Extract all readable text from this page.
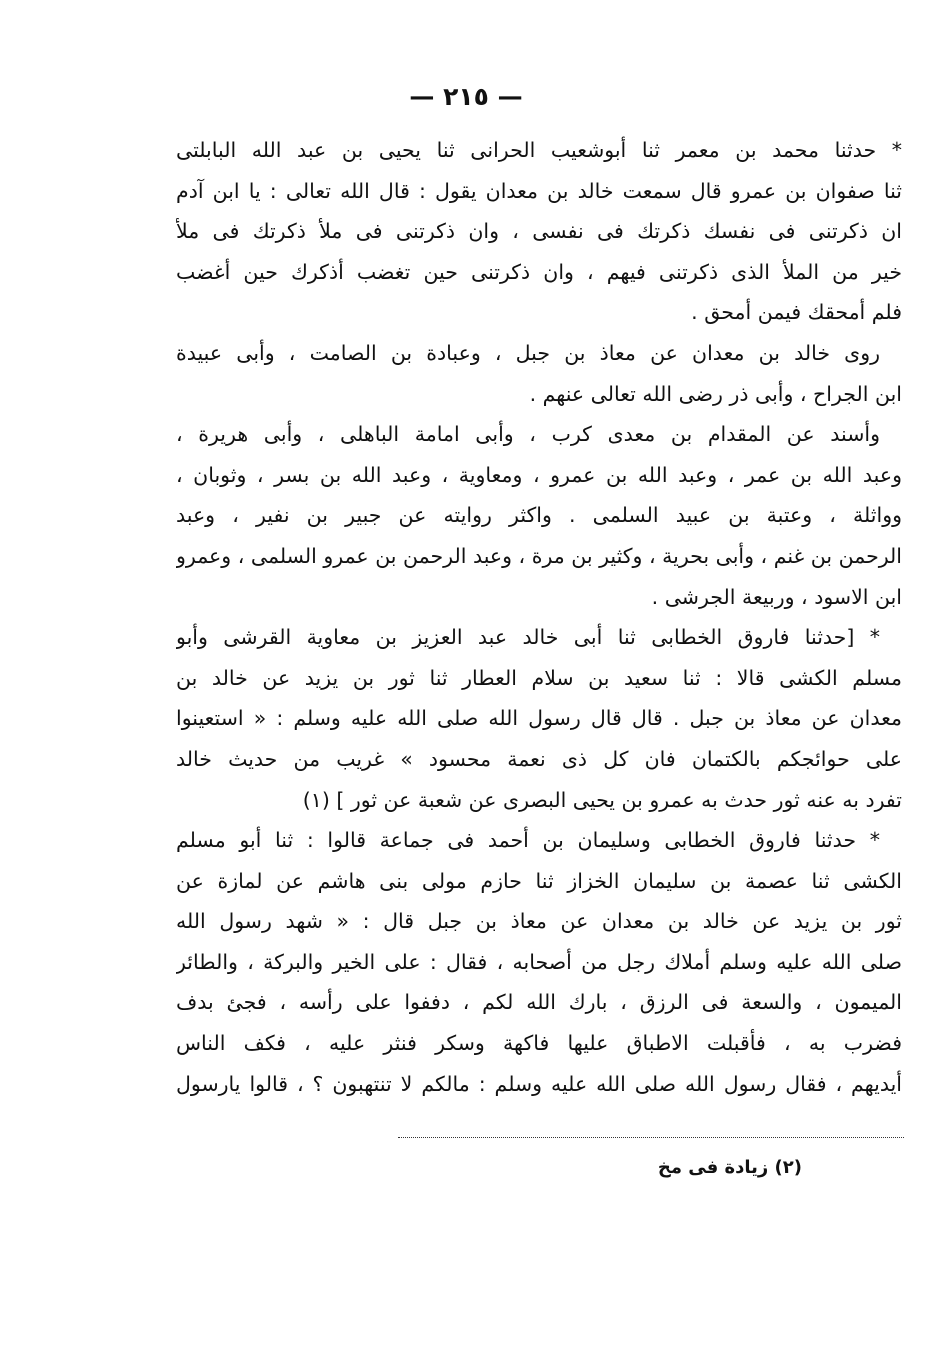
— ٢١٥ —
* حدثنا محمد بن معمر ثنا أبوشعيب الحرانى ثنا يحيى بن عبد الله البابلتى
ثنا صفوان بن عمرو قال سمعت خالد بن معدان يقول : قال الله تعالى : يا ابن آدم
ان ذكرتنى فى نفسك ذكرتك فى نفسى ، وان ذكرتنى فى ملأ ذكرتك فى ملأ
خير من الملأ الذى ذكرتنى فيهم ، وان ذكرتنى حين تغضب أذكرك حين أغضب
فلم أمحقك فيمن أمحق .
روى خالد بن معدان عن معاذ بن جبل ، وعبادة بن الصامت ، وأبى عبيدة
ابن الجراح ، وأبى ذر رضى الله تعالى عنهم .
وأسند عن المقدام بن معدى كرب ، وأبى امامة الباهلى ، وأبى هريرة ،
وعبد الله بن عمر ، وعبد الله بن عمرو ، ومعاوية ، وعبد الله بن بسر ، وثوبان ،
وواثلة ، وعتبة بن عبيد السلمى . واكثر روايته عن جبير بن نفير ، وعبد
الرحمن بن غنم ، وأبى بحرية ، وكثير بن مرة ، وعبد الرحمن بن عمرو السلمى ، وعمرو
ابن الاسود ، وربيعة الجرشى .
* [حدثنا فاروق الخطابى ثنا أبى خالد عبد العزيز بن معاوية القرشى وأبو
مسلم الكشى قالا : ثنا سعيد بن سلام العطار ثنا ثور بن يزيد عن خالد بن
معدان عن معاذ بن جبل . قال قال رسول الله صلى الله عليه وسلم : « استعينوا
على حوائجكم بالكتمان فان كل ذى نعمة محسود » غريب من حديث خالد
تفرد به عنه ثور حدث به عمرو بن يحيى البصرى عن شعبة عن ثور ] (١)
* حدثنا فاروق الخطابى وسليمان بن أحمد فى جماعة قالوا : ثنا أبو مسلم
الكشى ثنا عصمة بن سليمان الخزاز ثنا حازم مولى بنى هاشم عن لمازة عن
ثور بن يزيد عن خالد بن معدان عن معاذ بن جبل قال : « شهد رسول الله
صلى الله عليه وسلم أملاك رجل من أصحابه ، فقال : على الخير والبركة ، والطائر
الميمون ، والسعة فى الرزق ، بارك الله لكم ، دففوا على رأسه ، فجئ بدف
فضرب به ، فأقبلت الاطباق عليها فاكهة وسكر فنثر عليه ، فكف الناس
أيديهم ، فقال رسول الله صلى الله عليه وسلم : مالكم لا تنتهبون ؟ ، قالوا يارسول
(٢) زيادة فى مخ
